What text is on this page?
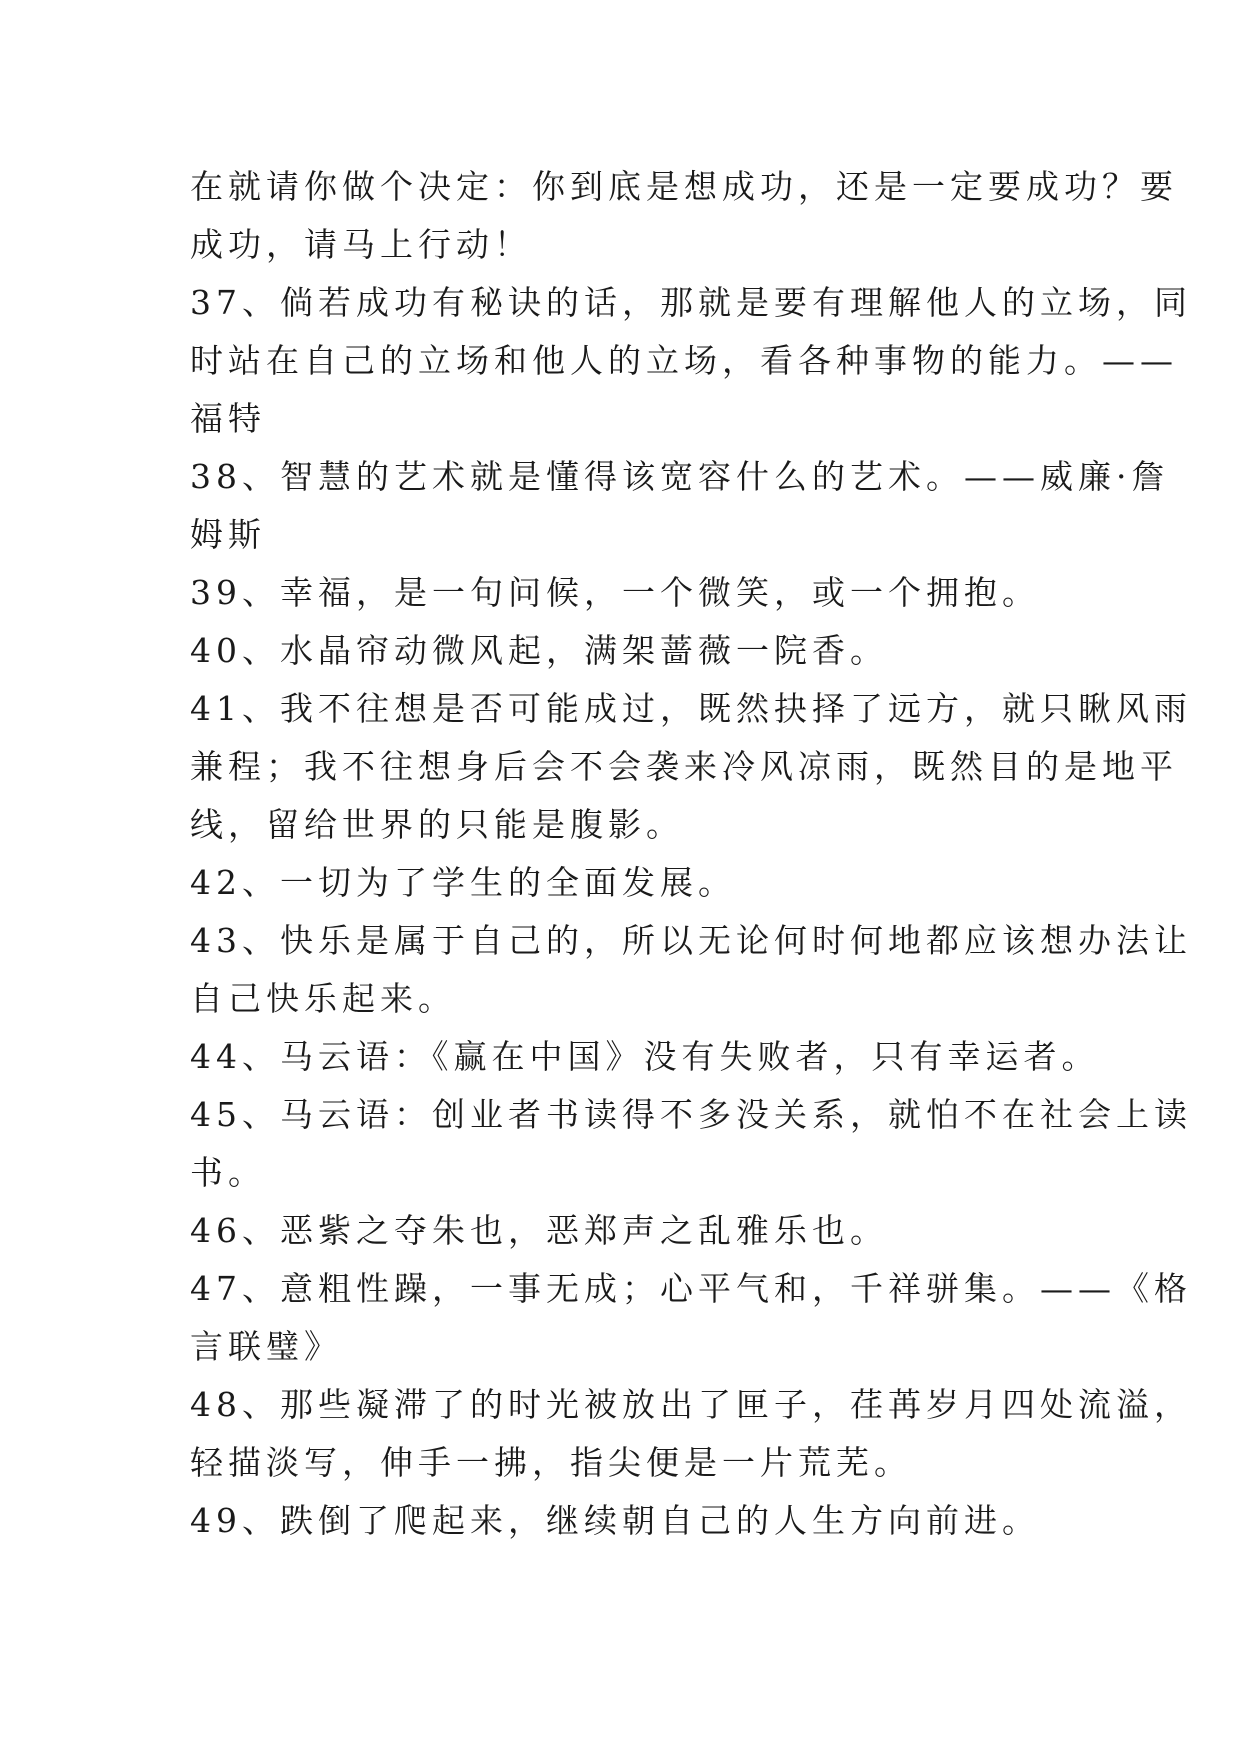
在就请你做个决定：你到底是想成功，还是一定要成功？要
成功，请马上行动！
37、倘若成功有秘诀的话，那就是要有理解他人的立场，同
时站在自己的立场和他人的立场，看各种事物的能力。——
福特
38、智慧的艺术就是懂得该宽容什么的艺术。——威廉·詹
姆斯
39、幸福，是一句问候，一个微笑，或一个拥抱。
40、水晶帘动微风起，满架蔷薇一院香。
41、我不往想是否可能成过，既然抉择了远方，就只瞅风雨
兼程；我不往想身后会不会袭来冷风凉雨，既然目的是地平
线，留给世界的只能是腹影。
42、一切为了学生的全面发展。
43、快乐是属于自己的，所以无论何时何地都应该想办法让
自己快乐起来。
44、马云语：《赢在中国》没有失败者，只有幸运者。
45、马云语：创业者书读得不多没关系，就怕不在社会上读
书。
46、恶紫之夺朱也，恶郑声之乱雅乐也。
47、意粗性躁，一事无成；心平气和，千祥骈集。——《格
言联璧》
48、那些凝滞了的时光被放出了匣子，荏苒岁月四处流溢，
轻描淡写，伸手一拂，指尖便是一片荒芜。
49、跌倒了爬起来，继续朝自己的人生方向前进。
